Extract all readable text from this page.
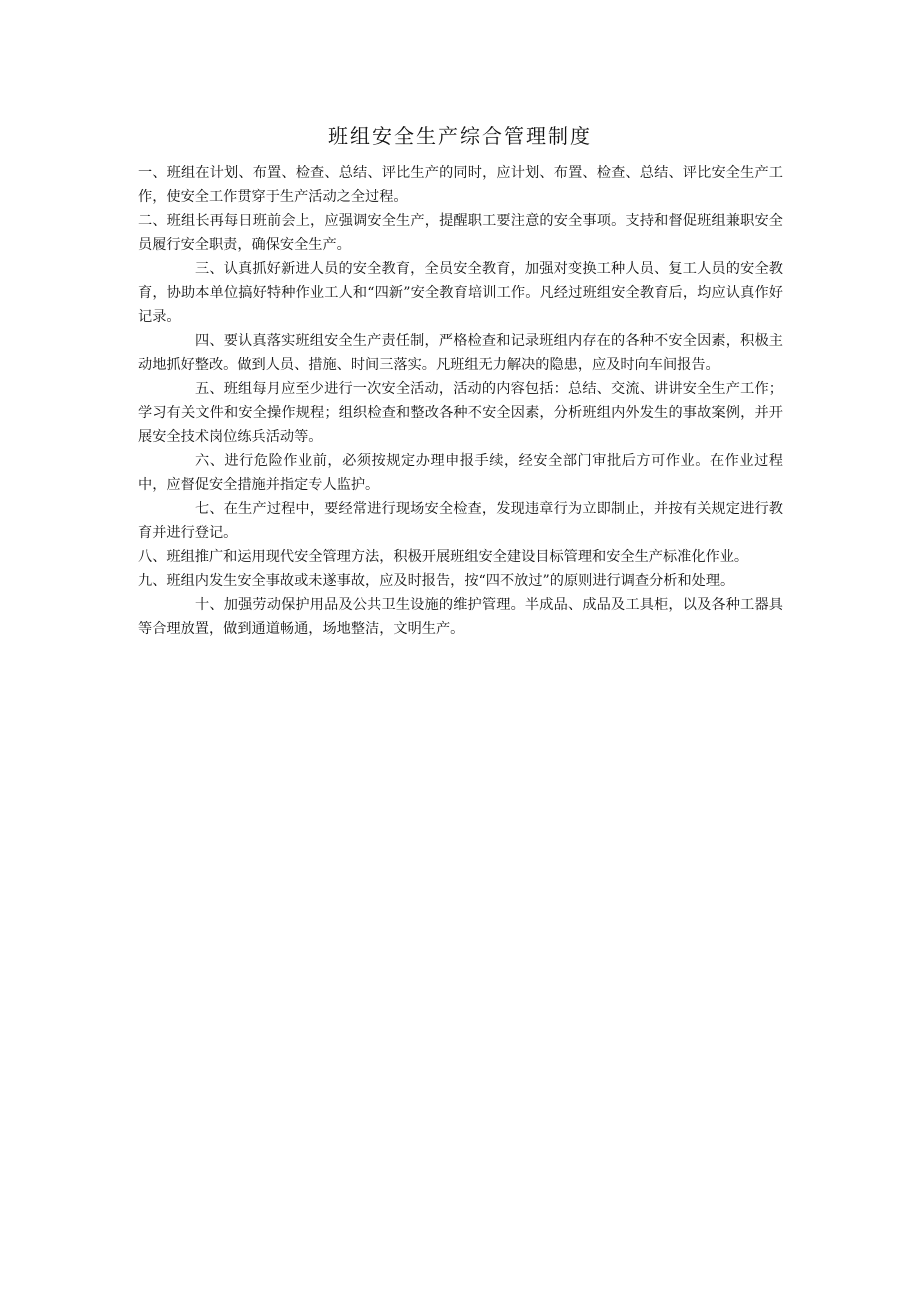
班组安全生产综合管理制度

一、班组在计划、布置、检查、总结、评比生产的同时，应计划、布置、检查、总结、评比安全生产工作，使安全工作贯穿于生产活动之全过程。

二、班组长再每日班前会上，应强调安全生产，提醒职工要注意的安全事项。支持和督促班组兼职安全员履行安全职责，确保安全生产。

三、认真抓好新进人员的安全教育，全员安全教育，加强对变换工种人员、复工人员的安全教育，协助本单位搞好特种作业工人和“四新”安全教育培训工作。凡经过班组安全教育后，均应认真作好记录。

四、要认真落实班组安全生产责任制，严格检查和记录班组内存在的各种不安全因素，积极主动地抓好整改。做到人员、措施、时间三落实。凡班组无力解决的隐患，应及时向车间报告。

五、班组每月应至少进行一次安全活动，活动的内容包括：总结、交流、讲讲安全生产工作；学习有关文件和安全操作规程；组织检查和整改各种不安全因素，分析班组内外发生的事故案例，并开展安全技术岗位练兵活动等。

六、进行危险作业前，必须按规定办理申报手续，经安全部门审批后方可作业。在作业过程中，应督促安全措施并指定专人监护。

七、在生产过程中，要经常进行现场安全检查，发现违章行为立即制止，并按有关规定进行教育并进行登记。

八、班组推广和运用现代安全管理方法，积极开展班组安全建设目标管理和安全生产标准化作业。

九、班组内发生安全事故或未遂事故，应及时报告，按“四不放过”的原则进行调查分析和处理。

十、加强劳动保护用品及公共卫生设施的维护管理。半成品、成品及工具柜，以及各种工器具等合理放置，做到通道畅通，场地整洁，文明生产。
